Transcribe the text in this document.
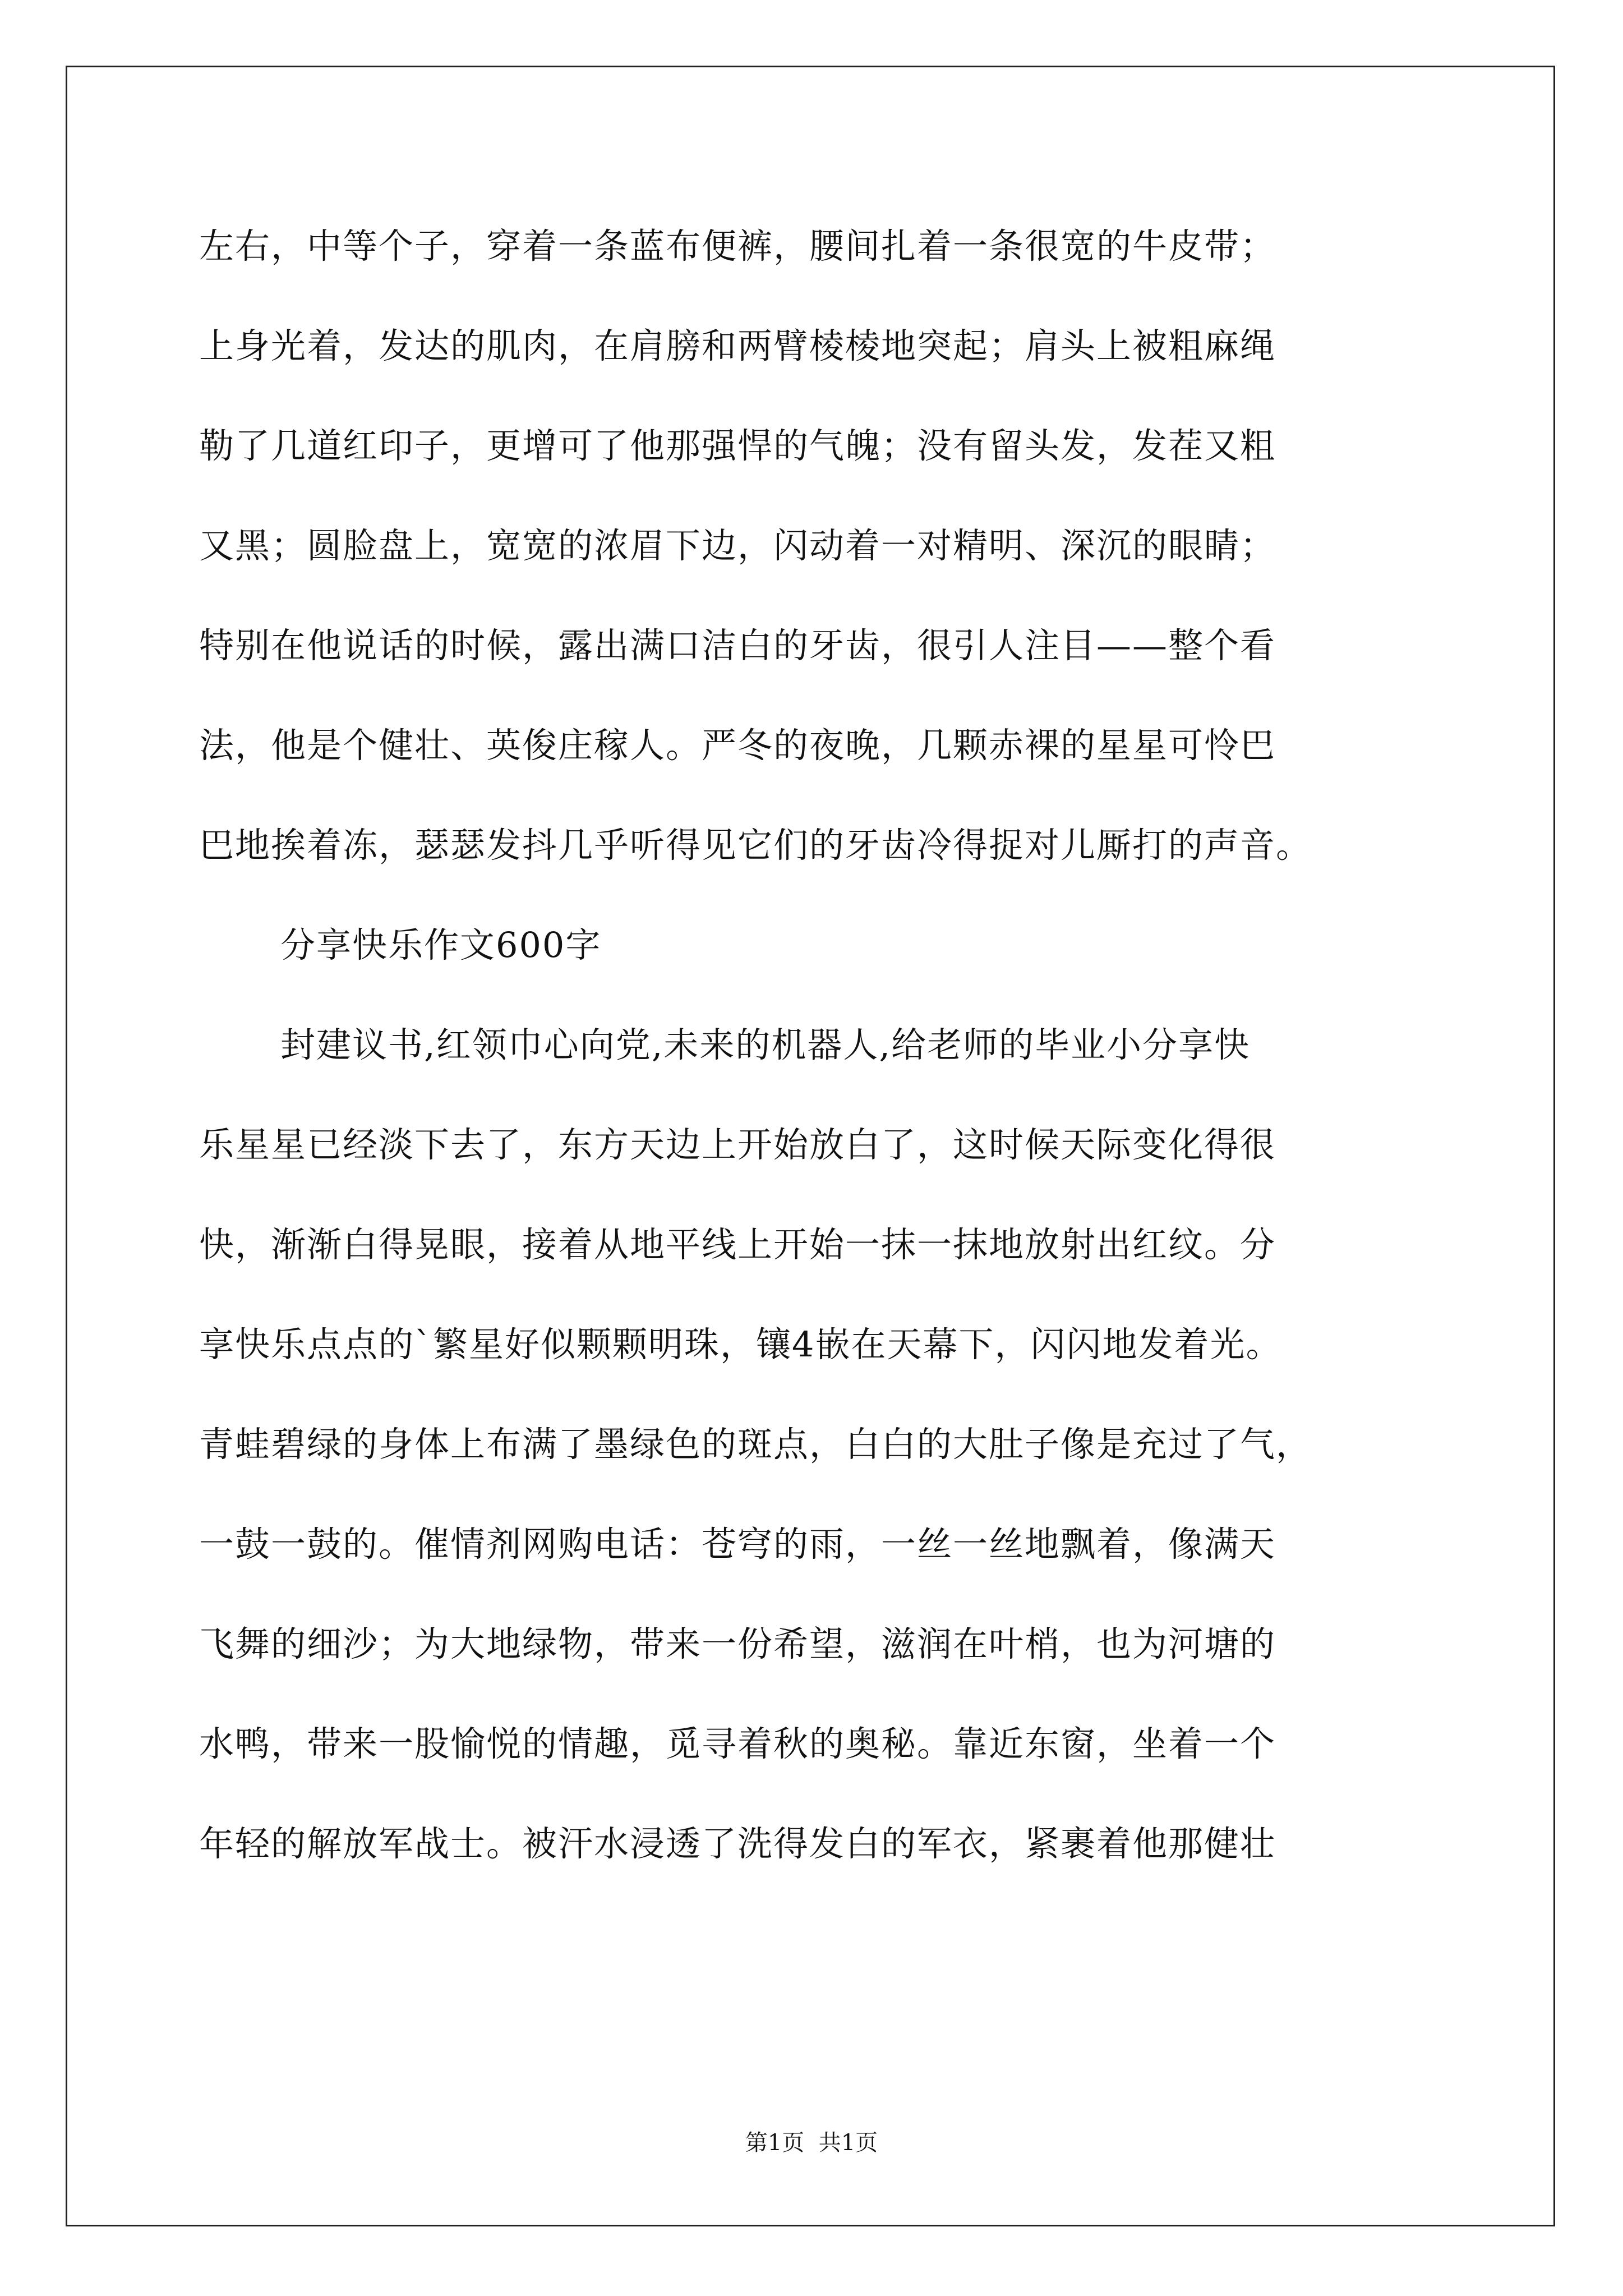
左右，中等个子，穿着一条蓝布便裤，腰间扎着一条很宽的牛皮带；
上身光着，发达的肌肉，在肩膀和两臂棱棱地突起；肩头上被粗麻绳
勒了几道红印子，更增可了他那强悍的气魄；没有留头发，发茬又粗
又黑；圆脸盘上，宽宽的浓眉下边，闪动着一对精明、深沉的眼睛；
特别在他说话的时候，露出满口洁白的牙齿，很引人注目——整个看
法，他是个健壮、英俊庄稼人。严冬的夜晚，几颗赤裸的星星可怜巴
巴地挨着冻，瑟瑟发抖几乎听得见它们的牙齿冷得捉对儿厮打的声音。
分享快乐作文600字
封建议书,红领巾心向党,未来的机器人,给老师的毕业小分享快
乐星星已经淡下去了，东方天边上开始放白了，这时候天际变化得很
快，渐渐白得晃眼，接着从地平线上开始一抹一抹地放射出红纹。分
享快乐点点的`繁星好似颗颗明珠，镶4嵌在天幕下，闪闪地发着光。
青蛙碧绿的身体上布满了墨绿色的斑点，白白的大肚子像是充过了气，
一鼓一鼓的。催情剂网购电话：苍穹的雨，一丝一丝地飘着，像满天
飞舞的细沙；为大地绿物，带来一份希望，滋润在叶梢，也为河塘的
水鸭，带来一股愉悦的情趣，觅寻着秋的奥秘。靠近东窗，坐着一个
年轻的解放军战士。被汗水浸透了洗得发白的军衣，紧裹着他那健壮
第1页  共1页
